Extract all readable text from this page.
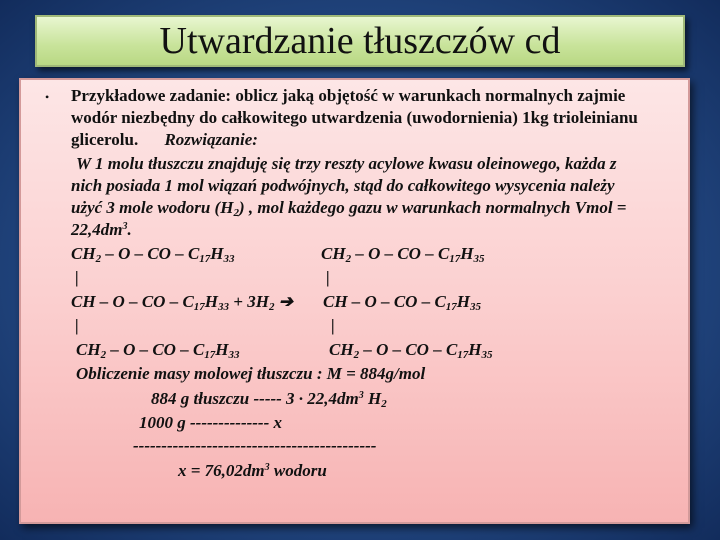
Utwardzanie tłuszczów cd
• Przykładowe zadanie: oblicz jaką objętość w warunkach normalnych zajmie
wodór niezbędny do całkowitego utwardzenia (uwodornienia) 1kg trioleinianu
glicerolu. Rozwiązanie:
W 1 molu tłuszczu znajduję się trzy reszty acylowe kwasu oleinowego, każda z
nich posiada 1 mol wiązań podwójnych, stąd do całkowitego wysycenia należy
użyć 3 mole wodoru $(H_2)$ , mol każdego gazu w warunkach normalnych Vmol =
$22,4dm^3$.
$CH_2$ – O – CO – $C_{17}H_{33}$	$CH_2$ – O – CO – $C_{17}H_{35}$
|	|
CH – O – CO – $C_{17}H_{33} + 3H_2$ ➔ CH – O – CO – $C_{17}H_{35}$
|	|
$CH_2$ – O – CO – $C_{17}H_{33}$	$CH_2$ – O – CO – $C_{17}H_{35}$
Obliczenie masy molowej tłuszczu : M = 884g/mol
884 g tłuszczu ----- $3 \cdot 22,4dm^3$ $H_2$
1000 g -------------- x
-------------------------------------------
$x = 76,02dm^3$ wodoru
